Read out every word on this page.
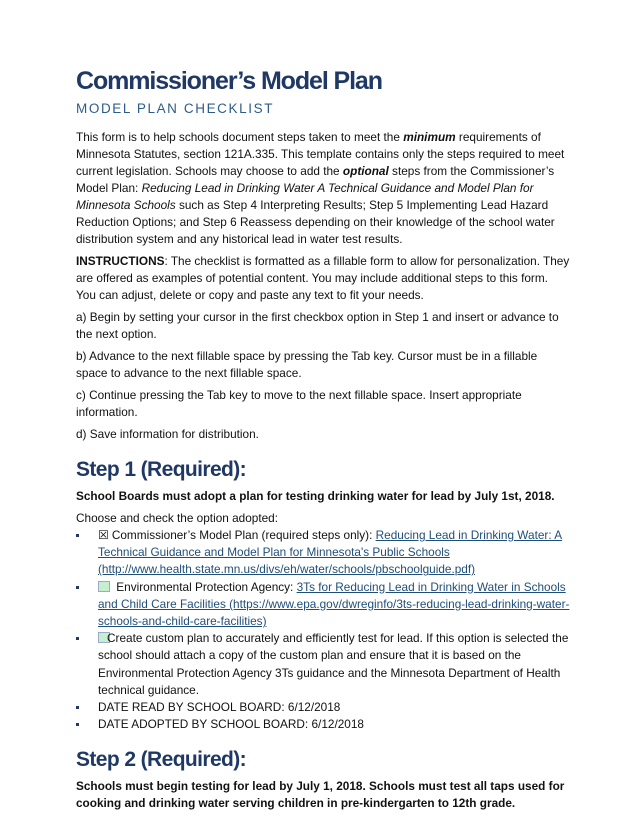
Commissioner’s Model Plan
MODEL PLAN CHECKLIST

This form is to help schools document steps taken to meet the minimum requirements of Minnesota Statutes, section 121A.335. This template contains only the steps required to meet current legislation. Schools may choose to add the optional steps from the Commissioner’s Model Plan: Reducing Lead in Drinking Water A Technical Guidance and Model Plan for Minnesota Schools such as Step 4 Interpreting Results; Step 5 Implementing Lead Hazard Reduction Options; and Step 6 Reassess depending on their knowledge of the school water distribution system and any historical lead in water test results.

INSTRUCTIONS: The checklist is formatted as a fillable form to allow for personalization. They are offered as examples of potential content. You may include additional steps to this form. You can adjust, delete or copy and paste any text to fit your needs.

a) Begin by setting your cursor in the first checkbox option in Step 1 and insert or advance to the next option.

b) Advance to the next fillable space by pressing the Tab key. Cursor must be in a fillable space to advance to the next fillable space.

c) Continue pressing the Tab key to move to the next fillable space. Insert appropriate information.

d) Save information for distribution.

Step 1 (Required):

School Boards must adopt a plan for testing drinking water for lead by July 1st, 2018.

Choose and check the option adopted:

☒ Commissioner’s Model Plan (required steps only): Reducing Lead in Drinking Water: A Technical Guidance and Model Plan for Minnesota's Public Schools (http://www.health.state.mn.us/divs/eh/water/schools/pbschoolguide.pdf)
Environmental Protection Agency: 3Ts for Reducing Lead in Drinking Water in Schools and Child Care Facilities (https://www.epa.gov/dwreginfo/3ts-reducing-lead-drinking-water-schools-and-child-care-facilities)
Create custom plan to accurately and efficiently test for lead. If this option is selected the school should attach a copy of the custom plan and ensure that it is based on the Environmental Protection Agency 3Ts guidance and the Minnesota Department of Health technical guidance.
DATE READ BY SCHOOL BOARD: 6/12/2018
DATE ADOPTED BY SCHOOL BOARD: 6/12/2018
Step 2 (Required):

Schools must begin testing for lead by July 1, 2018. Schools must test all taps used for cooking and drinking water serving children in pre-kindergarten to 12th grade.
